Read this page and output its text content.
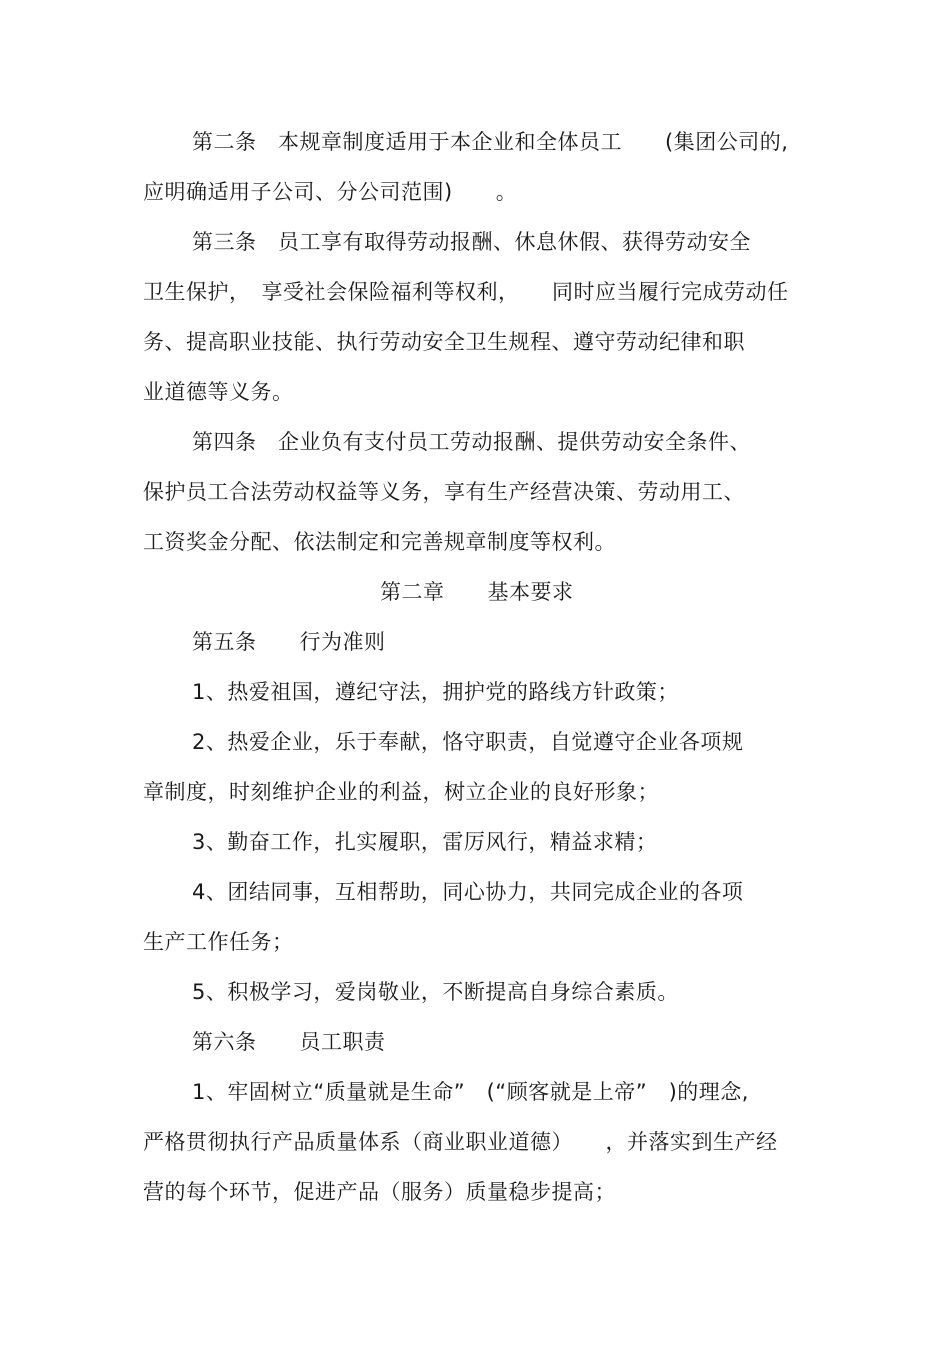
第二条　本规章制度适用于本企业和全体员工　　(集团公司的,
应明确适用子公司、分公司范围)　　。
第三条　员工享有取得劳动报酬、休息休假、获得劳动安全
卫生保护，　享受社会保险福利等权利，　　同时应当履行完成劳动任
务、提高职业技能、执行劳动安全卫生规程、遵守劳动纪律和职
业道德等义务。
第四条　企业负有支付员工劳动报酬、提供劳动安全条件、
保护员工合法劳动权益等义务，享有生产经营决策、劳动用工、
工资奖金分配、依法制定和完善规章制度等权利。
第二章　　基本要求
第五条　　行为准则
1、热爱祖国，遵纪守法，拥护党的路线方针政策；
2、热爱企业，乐于奉献，恪守职责，自觉遵守企业各项规
章制度，时刻维护企业的利益，树立企业的良好形象；
3、勤奋工作，扎实履职，雷厉风行，精益求精；
4、团结同事，互相帮助，同心协力，共同完成企业的各项
生产工作任务；
5、积极学习，爱岗敬业，不断提高自身综合素质。
第六条　　员工职责
1、牢固树立“质量就是生命”　(“顾客就是上帝”　)的理念,
严格贯彻执行产品质量体系（商业职业道德）　　，并落实到生产经
营的每个环节，促进产品（服务）质量稳步提高；
